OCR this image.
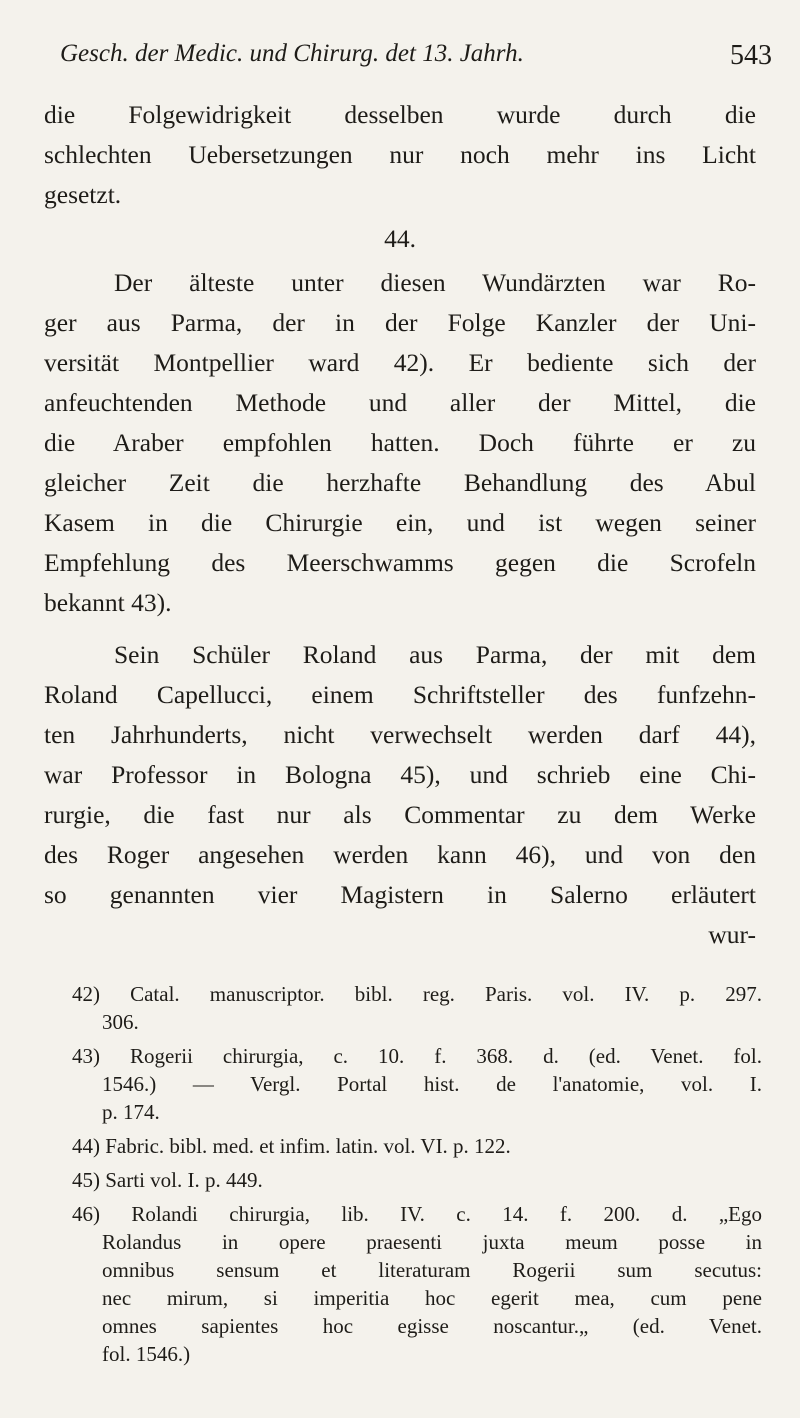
Gesch. der Medic. und Chirurg. det 13. Jahrh.	543
die Folgewidrigkeit desselben wurde durch die
schlechten Uebersetzungen nur noch mehr ins Licht
gesetzt.
44.
Der älteste unter diesen Wundärzten war Ro-
ger aus Parma, der in der Folge Kanzler der Uni-
versität Montpellier ward 42). Er bediente sich der
anfeuchtenden Methode und aller der Mittel, die
die Araber empfohlen hatten. Doch führte er zu
gleicher Zeit die herzhafte Behandlung des Abul
Kasem in die Chirurgie ein, und ist wegen seiner
Empfehlung des Meerschwamms gegen die Scrofeln
bekannt 43).
Sein Schüler Roland aus Parma, der mit dem
Roland Capellucci, einem Schriftsteller des funfzehn-
ten Jahrhunderts, nicht verwechselt werden darf 44),
war Professor in Bologna 45), und schrieb eine Chi-
rurgie, die fast nur als Commentar zu dem Werke
des Roger angesehen werden kann 46), und von den
so genannten vier Magistern in Salerno erläutert
wur-
42) Catal. manuscriptor. bibl. reg. Paris. vol. IV. p. 297.
306.
43) Rogerii chirurgia, c. 10. f. 368. d. (ed. Venet. fol.
1546.) — Vergl. Portal hist. de l'anatomie, vol. I.
p. 174.
44) Fabric. bibl. med. et infim. latin. vol. VI. p. 122.
45) Sarti vol. I. p. 449.
46) Rolandi chirurgia, lib. IV. c. 14. f. 200. d. „Ego
Rolandus in opere praesenti juxta meum posse in
omnibus sensum et literaturam Rogerii sum secutus:
nec mirum, si imperitia hoc egerit mea, cum pene
omnes sapientes hoc egisse noscantur.„ (ed. Venet.
fol. 1546.)
